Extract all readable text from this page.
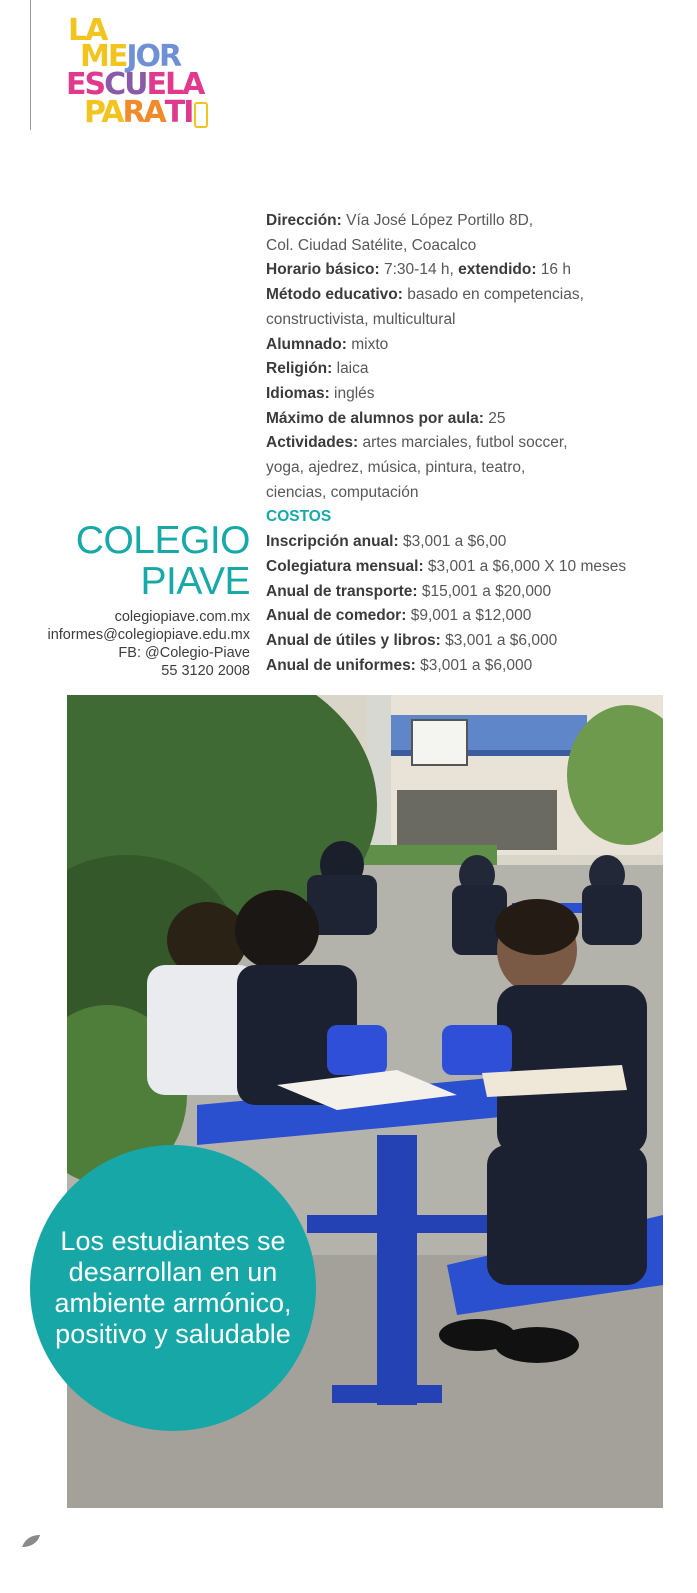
LA
MEJOR
ESCUELA
PARATI
Dirección: Vía José López Portillo 8D,
Col. Ciudad Satélite, Coacalco
Horario básico: 7:30-14 h, extendido: 16 h
Método educativo: basado en competencias,
constructivista, multicultural
Alumnado: mixto
Religión: laica
Idiomas: inglés
Máximo de alumnos por aula: 25
Actividades: artes marciales, futbol soccer,
yoga, ajedrez, música, pintura, teatro,
ciencias, computación
COSTOS
Inscripción anual: $3,001 a $6,00
Colegiatura mensual: $3,001 a $6,000 X 10 meses
Anual de transporte: $15,001 a $20,000
Anual de comedor: $9,001 a $12,000
Anual de útiles y libros: $3,001 a $6,000
Anual de uniformes: $3,001 a $6,000
COLEGIO
PIAVE
colegiopiave.com.mx
informes@colegiopiave.edu.mx
FB: @Colegio-Piave
55 3120 2008

Los estudiantes se desarrollan en un ambiente armónico, positivo y saludable
